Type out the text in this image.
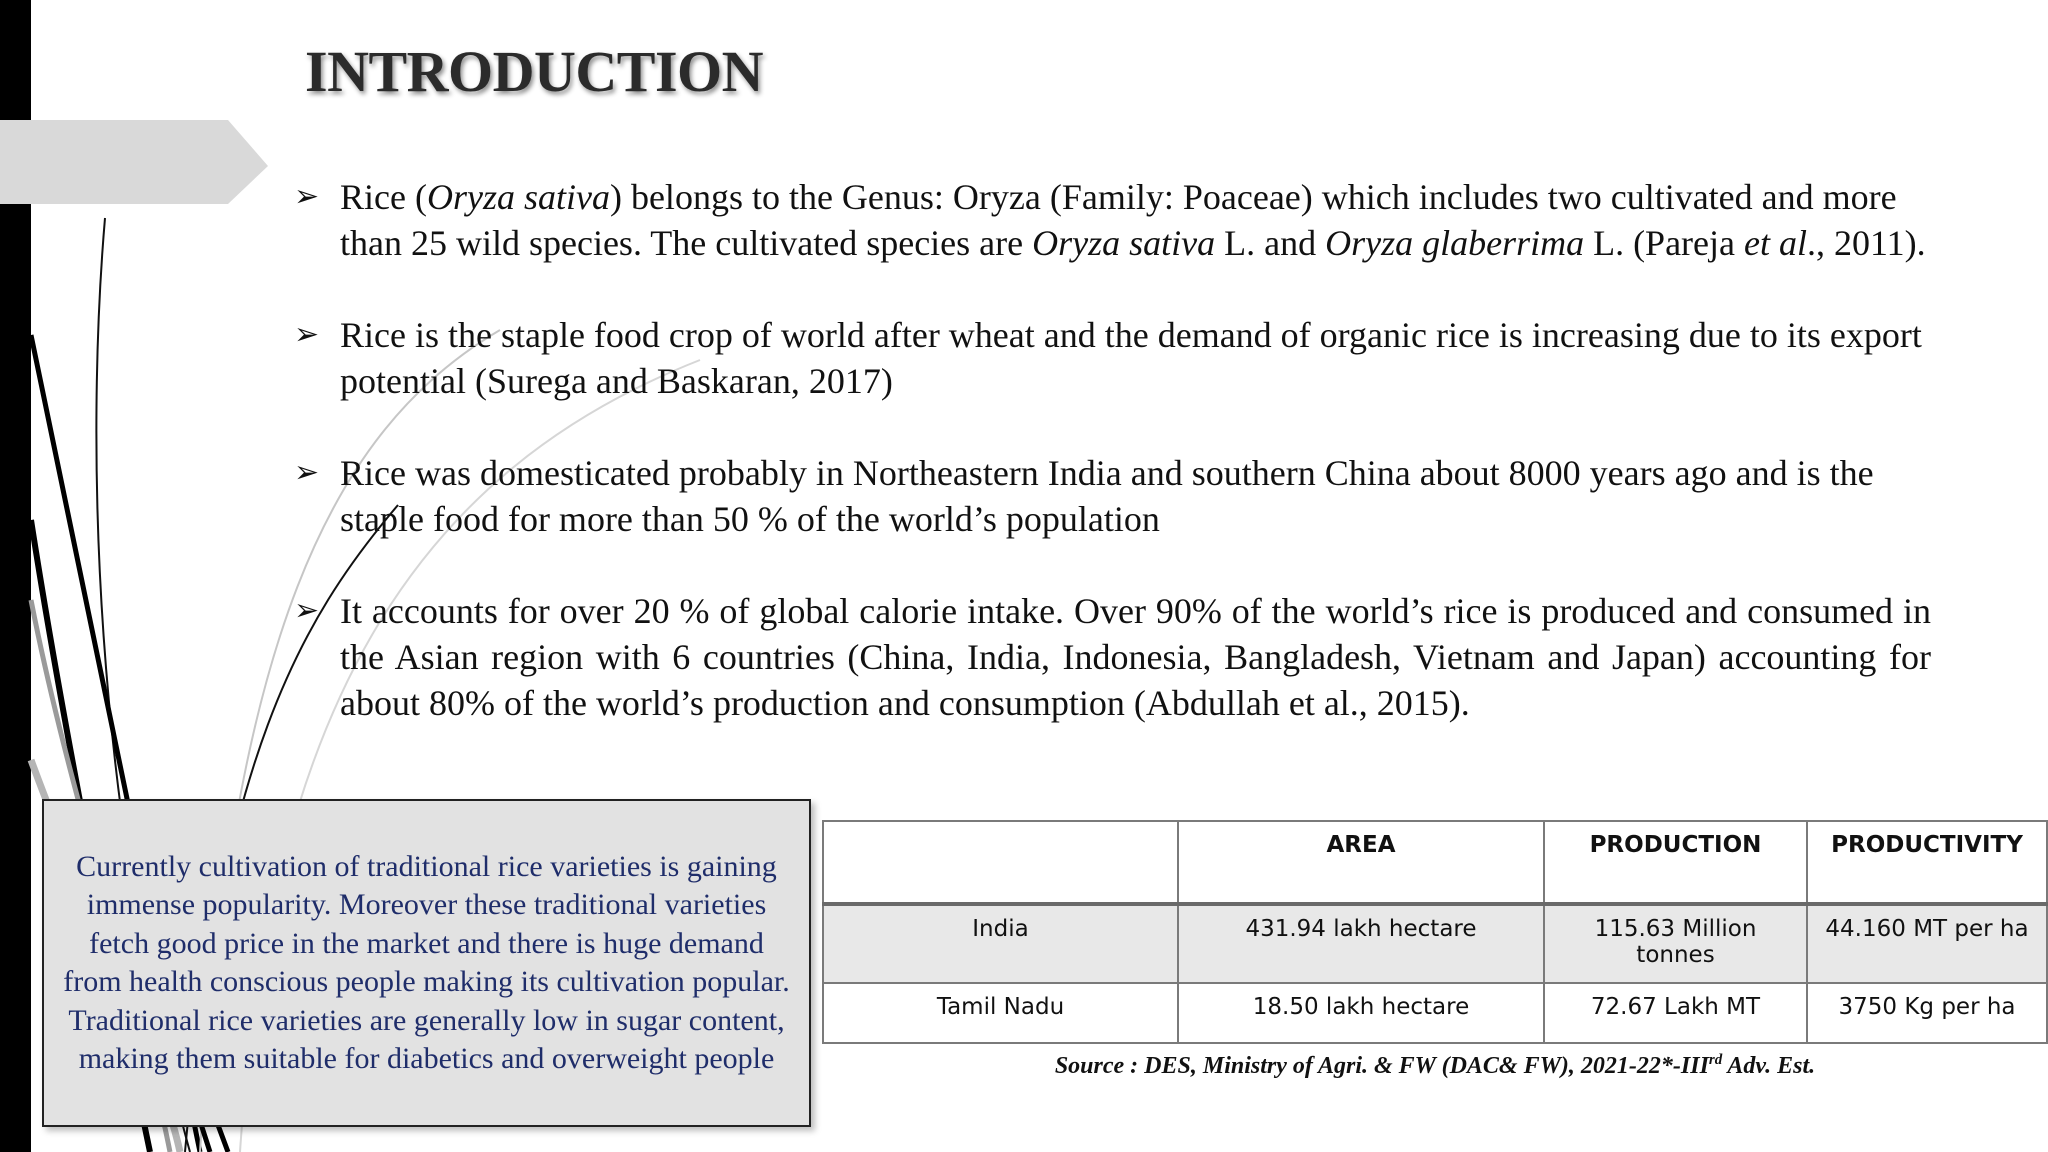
INTRODUCTION
➢ Rice (Oryza sativa) belongs to the Genus: Oryza (Family: Poaceae) which includes two cultivated and more than 25 wild species. The cultivated species are Oryza sativa L. and Oryza glaberrima L. (Pareja et al., 2011).
➢ Rice is the staple food crop of world after wheat and the demand of organic rice is increasing due to its export potential (Surega and Baskaran, 2017)
➢ Rice was domesticated probably in Northeastern India and southern China about 8000 years ago and is the staple food for more than 50 % of the world’s population
➢ It accounts for over 20 % of global calorie intake. Over 90% of the world’s rice is produced and consumed in the Asian region with 6 countries (China, India, Indonesia, Bangladesh, Vietnam and Japan) accounting for about 80% of the world’s production and consumption (Abdullah et al., 2015).

Currently cultivation of traditional rice varieties is gaining immense popularity. Moreover these traditional varieties fetch good price in the market and there is huge demand from health conscious people making its cultivation popular. Traditional rice varieties are generally low in sugar content, making them suitable for diabetics and overweight people

	AREA	PRODUCTION	PRODUCTIVITY
India	431.94 lakh hectare	115.63 Million tonnes	44.160 MT per ha
Tamil Nadu	18.50 lakh hectare	72.67 Lakh MT	3750 Kg per ha
Source : DES, Ministry of Agri. & FW (DAC& FW), 2021-22*-IIIrd Adv. Est.
